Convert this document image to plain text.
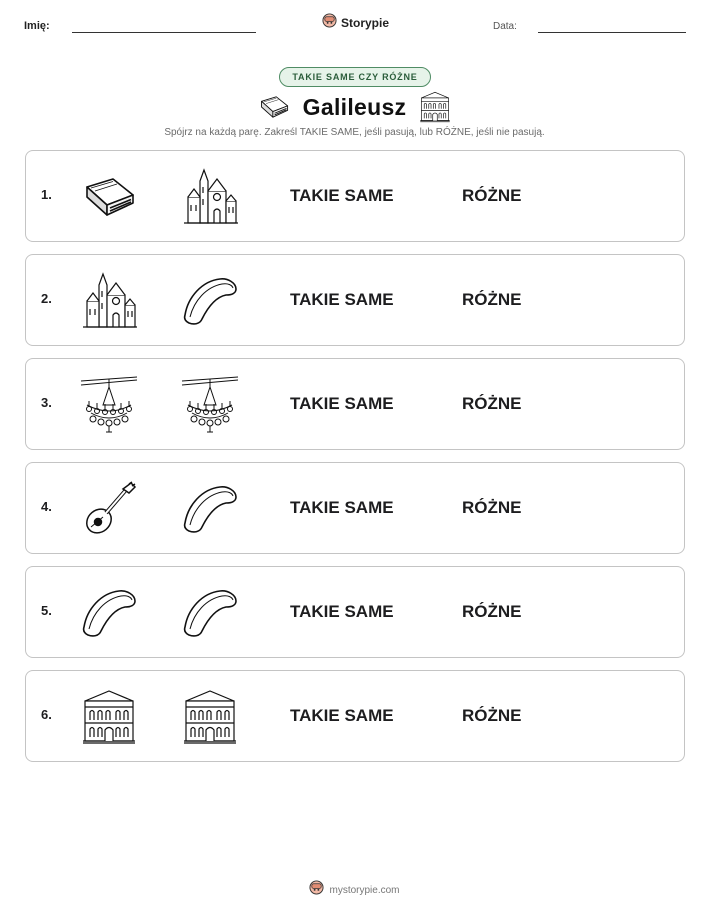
Imię:	Storypie	Data:
TAKIE SAME CZY RÓŻNE
Galileusz
Spójrz na każdą parę. Zakreśl TAKIE SAME, jeśli pasują, lub RÓŻNE, jeśli nie pasują.
1.	TAKIE SAME	RÓŻNE
2.	TAKIE SAME	RÓŻNE
3.	TAKIE SAME	RÓŻNE
4.	TAKIE SAME	RÓŻNE
5.	TAKIE SAME	RÓŻNE
6.	TAKIE SAME	RÓŻNE
mystorypie.com
